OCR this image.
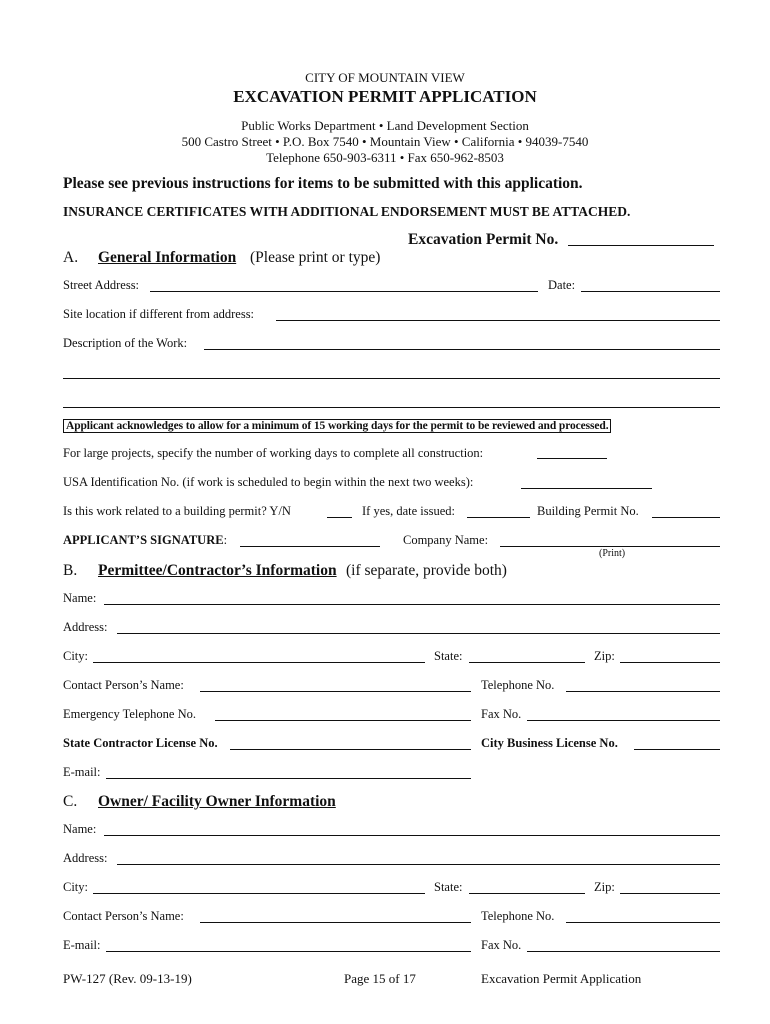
CITY OF MOUNTAIN VIEW
EXCAVATION PERMIT APPLICATION
Public Works Department • Land Development Section
500 Castro Street • P.O. Box 7540 • Mountain View • California • 94039-7540
Telephone 650-903-6311 • Fax 650-962-8503
Please see previous instructions for items to be submitted with this application.
INSURANCE CERTIFICATES WITH ADDITIONAL ENDORSEMENT MUST BE ATTACHED.
Excavation Permit No.
A. General Information (Please print or type)
Street Address:	Date:
Site location if different from address:
Description of the Work:
Applicant acknowledges to allow for a minimum of 15 working days for the permit to be reviewed and processed.
For large projects, specify the number of working days to complete all construction:
USA Identification No. (if work is scheduled to begin within the next two weeks):
Is this work related to a building permit? Y/N	If yes, date issued:	Building Permit No.
APPLICANT’S SIGNATURE:	Company Name:
(Print)
B. Permittee/Contractor’s Information (if separate, provide both)
Name:
Address:
City:	State:	Zip:
Contact Person’s Name:	Telephone No.
Emergency Telephone No.	Fax No.
State Contractor License No.	City Business License No.
E-mail:
C. Owner/ Facility Owner Information
Name:
Address:
City:	State:	Zip:
Contact Person’s Name:	Telephone No.
E-mail:	Fax No.
PW-127 (Rev. 09-13-19)	Page 15 of 17	Excavation Permit Application
